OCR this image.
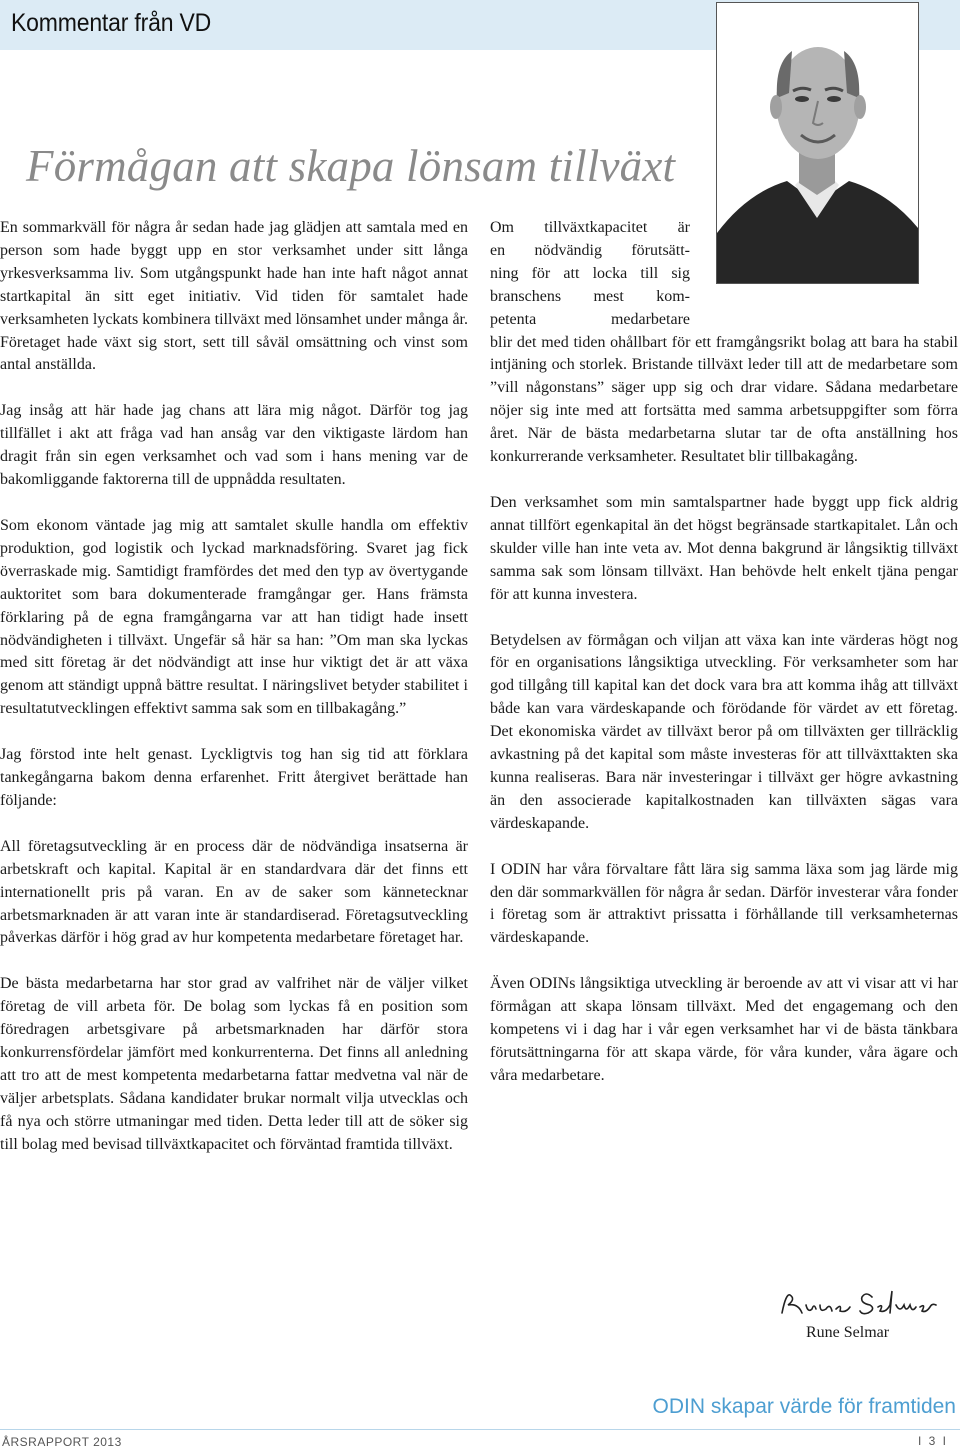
Kommentar från VD
Förmågan att skapa lönsam tillväxt

En sommarkväll för några år sedan hade jag glädjen att samtala med en person som hade byggt upp en stor verksamhet under sitt långa yrkesverksamma liv. Som utgångspunkt hade han inte haft något annat startkapital än sitt eget initiativ. Vid tiden för samtalet hade verksamheten lyckats kombinera tillväxt med lönsamhet under många år. Företaget hade växt sig stort, sett till såväl omsättning och vinst som antal anställda.

Jag insåg att här hade jag chans att lära mig något. Därför tog jag tillfället i akt att fråga vad han ansåg var den viktigaste lärdom han dragit från sin egen verksamhet och vad som i hans mening var de bakomliggande faktorerna till de uppnådda resultaten.

Som ekonom väntade jag mig att samtalet skulle handla om effektiv produktion, god logistik och lyckad marknadsföring. Svaret jag fick överraskade mig. Samtidigt framfördes det med den typ av övertygande auktoritet som bara dokumenterade framgångar ger. Hans främsta förklaring på de egna framgångarna var att han tidigt hade insett nödvändigheten i tillväxt. Ungefär så här sa han: ”Om man ska lyckas med sitt företag är det nödvändigt att inse hur viktigt det är att växa genom att ständigt uppnå bättre resultat. I näringslivet betyder stabilitet i resultatutvecklingen effektivt samma sak som en tillbakagång.”

Jag förstod inte helt genast. Lyckligtvis tog han sig tid att förklara tankegångarna bakom denna erfarenhet. Fritt återgivet berättade han följande:

All företagsutveckling är en process där de nödvändiga insatserna är arbetskraft och kapital. Kapital är en standardvara där det finns ett internationellt pris på varan. En av de saker som kännetecknar arbetsmarknaden är att varan inte är standardiserad. Företagsutveckling påverkas därför i hög grad av hur kompetenta medarbetare företaget har.

De bästa medarbetarna har stor grad av valfrihet när de väljer vilket företag de vill arbeta för. De bolag som lyckas få en position som föredragen arbetsgivare på arbetsmarknaden har därför stora konkurrensfördelar jämfört med konkurrenterna. Det finns all anledning att tro att de mest kompetenta medarbetarna fattar medvetna val när de väljer arbetsplats. Sådana kandidater brukar normalt vilja utvecklas och få nya och större utmaningar med tiden. Detta leder till att de söker sig till bolag med bevisad tillväxtkapacitet och förväntad framtida tillväxt.

Om tillväxtkapacitet är
en nödvändig förutsätt-
ning för att locka till sig
branschens mest kom-
petenta medarbetare

blir det med tiden ohållbart för ett framgångsrikt bolag att bara ha stabil intjäning och storlek. Bristande tillväxt leder till att de medarbetare som ”vill någonstans” säger upp sig och drar vidare. Sådana medarbetare nöjer sig inte med att fortsätta med samma arbetsuppgifter som förra året. När de bästa medarbetarna slutar tar de ofta anställning hos konkurrerande verksamheter. Resultatet blir tillbakagång.

Den verksamhet som min samtalspartner hade byggt upp fick aldrig annat tillfört egenkapital än det högst begränsade startkapitalet. Lån och skulder ville han inte veta av. Mot denna bakgrund är långsiktig tillväxt samma sak som lönsam tillväxt. Han behövde helt enkelt tjäna pengar för att kunna investera.

Betydelsen av förmågan och viljan att växa kan inte värderas högt nog för en organisations långsiktiga utveckling. För verksamheter som har god tillgång till kapital kan det dock vara bra att komma ihåg att tillväxt både kan vara värdeskapande och förödande för värdet av ett företag. Det ekonomiska värdet av tillväxt beror på om tillväxten ger tillräcklig avkastning på det kapital som måste investeras för att tillväxttakten ska kunna realiseras. Bara när investeringar i tillväxt ger högre avkastning än den associerade kapitalkostnaden kan tillväxten sägas vara värdeskapande.

I ODIN har våra förvaltare fått lära sig samma läxa som jag lärde mig den där sommarkvällen för några år sedan. Därför investerar våra fonder i företag som är attraktivt prissatta i förhållande till verksamheternas värdeskapande.

Även ODINs långsiktiga utveckling är beroende av att vi visar att vi har förmågan att skapa lönsam tillväxt. Med det engagemang och den kompetens vi i dag har i vår egen verksamhet har vi de bästa tänkbara förutsättningarna för att skapa värde, för våra kunder, våra ägare och våra medarbetare.

Rune Selmar
ODIN skapar värde för framtiden
ÅRSRAPPORT 2013	I 3 I
